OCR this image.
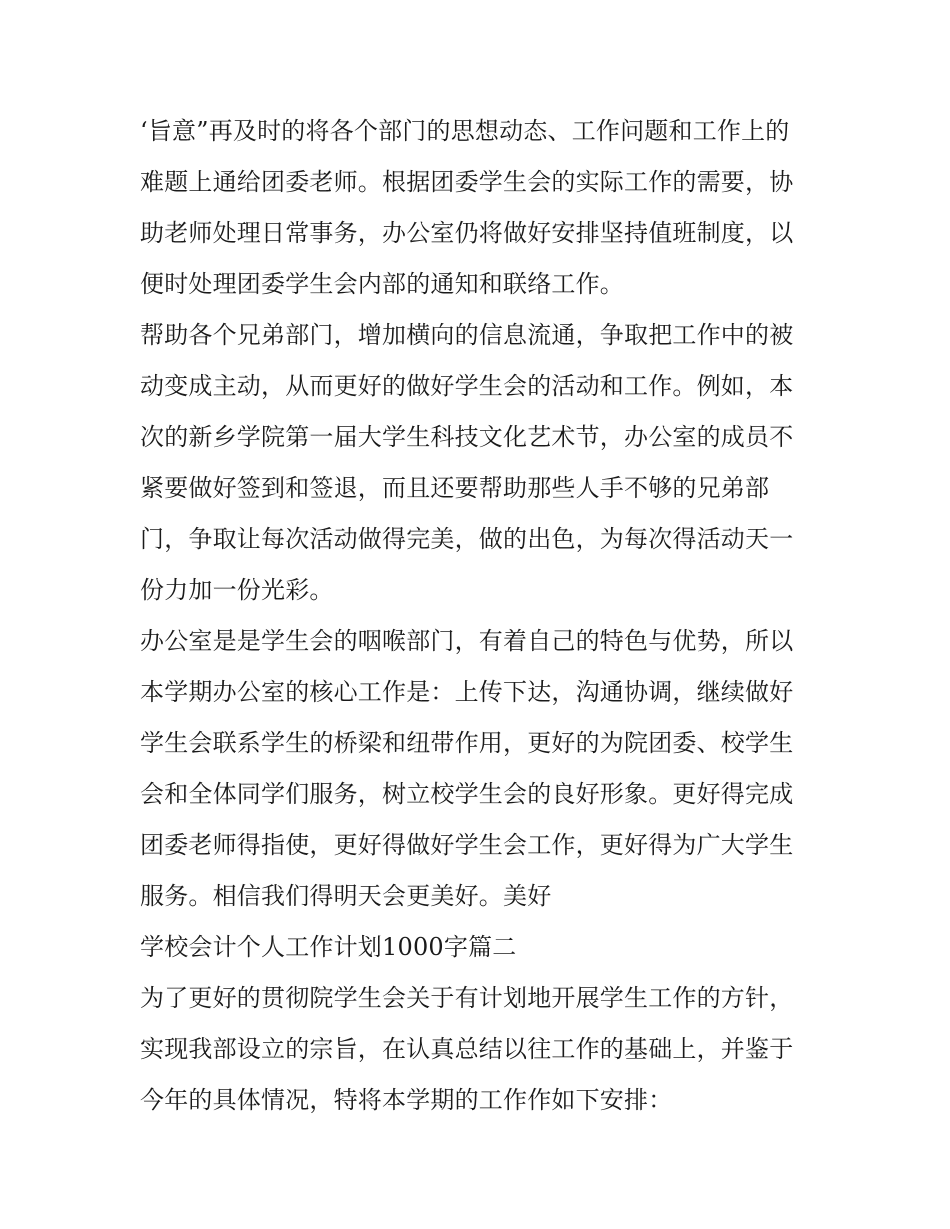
‘旨意”再及时的将各个部门的思想动态、工作问题和工作上的
难题上通给团委老师。根据团委学生会的实际工作的需要，协
助老师处理日常事务，办公室仍将做好安排坚持值班制度，以
便时处理团委学生会内部的通知和联络工作。
帮助各个兄弟部门，增加横向的信息流通，争取把工作中的被
动变成主动，从而更好的做好学生会的活动和工作。例如，本
次的新乡学院第一届大学生科技文化艺术节，办公室的成员不
紧要做好签到和签退，而且还要帮助那些人手不够的兄弟部
门，争取让每次活动做得完美，做的出色，为每次得活动天一
份力加一份光彩。
办公室是是学生会的咽喉部门，有着自己的特色与优势，所以
本学期办公室的核心工作是：上传下达，沟通协调，继续做好
学生会联系学生的桥梁和纽带作用，更好的为院团委、校学生
会和全体同学们服务，树立校学生会的良好形象。更好得完成
团委老师得指使，更好得做好学生会工作，更好得为广大学生
服务。相信我们得明天会更美好。美好
学校会计个人工作计划1000字篇二
为了更好的贯彻院学生会关于有计划地开展学生工作的方针，
实现我部设立的宗旨，在认真总结以往工作的基础上，并鉴于
今年的具体情况，特将本学期的工作作如下安排：
